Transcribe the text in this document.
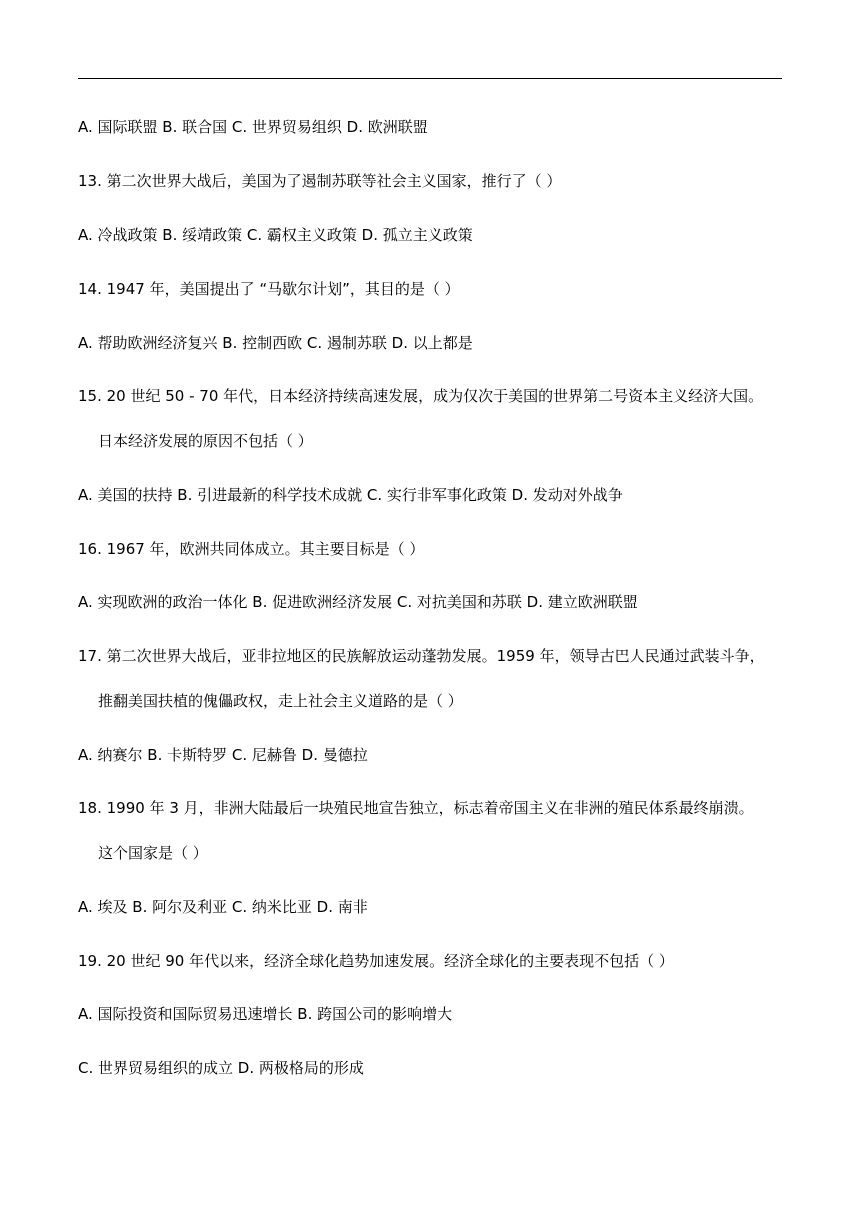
A. 国际联盟 B. 联合国 C. 世界贸易组织 D. 欧洲联盟
13. 第二次世界大战后，美国为了遏制苏联等社会主义国家，推行了（ ）
A. 冷战政策 B. 绥靖政策 C. 霸权主义政策 D. 孤立主义政策
14. 1947 年，美国提出了 “马歇尔计划”，其目的是（ ）
A. 帮助欧洲经济复兴 B. 控制西欧 C. 遏制苏联 D. 以上都是
15. 20 世纪 50 - 70 年代，日本经济持续高速发展，成为仅次于美国的世界第二号资本主义经济大国。
日本经济发展的原因不包括（ ）
A. 美国的扶持 B. 引进最新的科学技术成就 C. 实行非军事化政策 D. 发动对外战争
16. 1967 年，欧洲共同体成立。其主要目标是（ ）
A. 实现欧洲的政治一体化 B. 促进欧洲经济发展 C. 对抗美国和苏联 D. 建立欧洲联盟
17. 第二次世界大战后，亚非拉地区的民族解放运动蓬勃发展。1959 年，领导古巴人民通过武装斗争，
推翻美国扶植的傀儡政权，走上社会主义道路的是（ ）
A. 纳赛尔 B. 卡斯特罗 C. 尼赫鲁 D. 曼德拉
18. 1990 年 3 月，非洲大陆最后一块殖民地宣告独立，标志着帝国主义在非洲的殖民体系最终崩溃。
这个国家是（ ）
A. 埃及 B. 阿尔及利亚 C. 纳米比亚 D. 南非
19. 20 世纪 90 年代以来，经济全球化趋势加速发展。经济全球化的主要表现不包括（ ）
A. 国际投资和国际贸易迅速增长 B. 跨国公司的影响增大
C. 世界贸易组织的成立 D. 两极格局的形成
